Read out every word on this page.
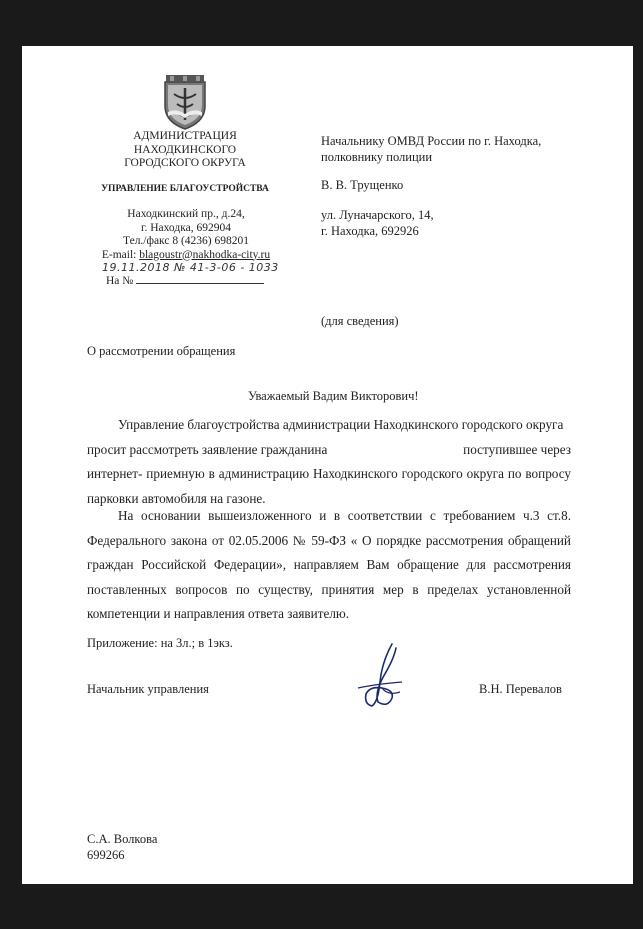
АДМИНИСТРАЦИЯ
НАХОДКИНСКОГО
ГОРОДСКОГО ОКРУГА
УПРАВЛЕНИЕ БЛАГОУСТРОЙСТВА
Находкинский пр., д.24,
г. Находка, 692904
Тел./факс 8 (4236) 698201
E-mail: blagoustr@nakhodka-city.ru
19.11.2018 № 41-3-06 - 1033
На №
Начальнику ОМВД России по г. Находка,
полковнику полиции
В. В. Трущенко
ул. Луначарского, 14,
г. Находка, 692926
(для сведения)
О рассмотрении обращения
Уважаемый Вадим Викторович!
Управление благоустройства администрации Находкинского городского округа
просит рассмотреть заявление гражданина	поступившее через
интернет- приемную в администрацию Находкинского городского округа по вопросу парковки автомобиля на газоне.
На основании вышеизложенного и в соответствии с требованием ч.3 ст.8. Федерального закона от 02.05.2006 № 59-ФЗ « О порядке рассмотрения обращений граждан Российской Федерации», направляем Вам обращение для рассмотрения поставленных вопросов по существу, принятия мер в пределах установленной компетенции и направления ответа заявителю.
Приложение: на 3л.; в 1экз.
Начальник управления	В.Н. Перевалов
С.А. Волкова
699266
